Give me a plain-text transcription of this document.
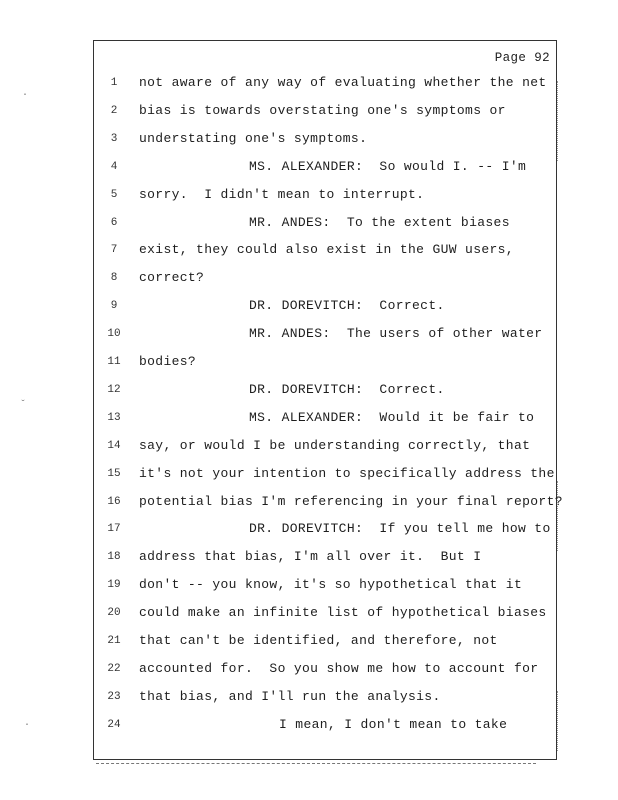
Page 92
1	not aware of any way of evaluating whether the net
2	bias is towards overstating one's symptoms or
3	understating one's symptoms.
4	MS. ALEXANDER:  So would I. -- I'm
5	sorry.  I didn't mean to interrupt.
6	MR. ANDES:  To the extent biases
7	exist, they could also exist in the GUW users,
8	correct?
9	DR. DOREVITCH:  Correct.
10	MR. ANDES:  The users of other water
11	bodies?
12	DR. DOREVITCH:  Correct.
13	MS. ALEXANDER:  Would it be fair to
14	say, or would I be understanding correctly, that
15	it's not your intention to specifically address the
16	potential bias I'm referencing in your final report?
17	DR. DOREVITCH:  If you tell me how to
18	address that bias, I'm all over it.  But I
19	don't -- you know, it's so hypothetical that it
20	could make an infinite list of hypothetical biases
21	that can't be identified, and therefore, not
22	accounted for.  So you show me how to account for
23	that bias, and I'll run the analysis.
24	I mean, I don't mean to take
·
ˇ
·
